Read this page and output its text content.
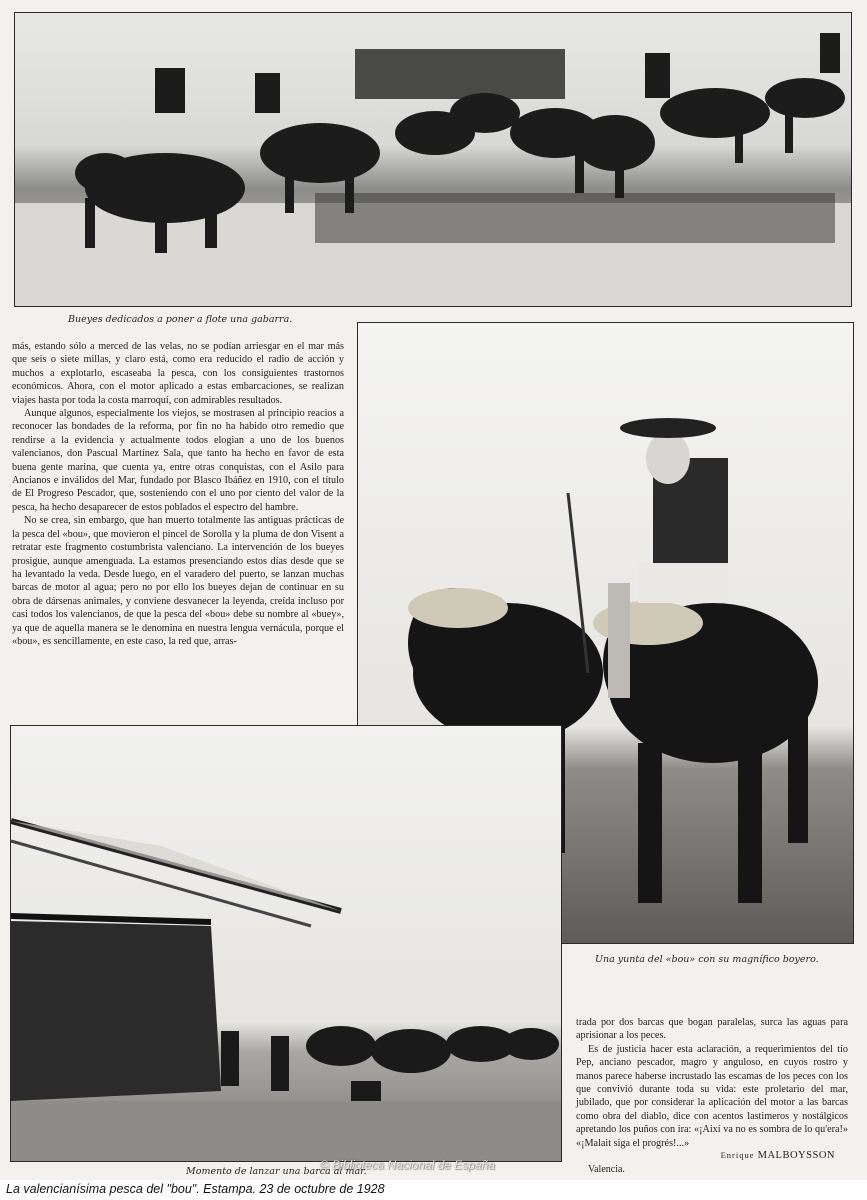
Bueyes dedicados a poner a flote una gabarra.

más, estando sólo a merced de las velas, no se podían arriesgar en el mar más que seis o siete millas, y claro está, como era reducido el radio de acción y muchos a explotarlo, escaseaba la pesca, con los consiguientes trastornos económicos. Ahora, con el motor aplicado a estas embarcaciones, se realizan viajes hasta por toda la costa marroquí, con admirables resultados.

Aunque algunos, especialmente los viejos, se mostrasen al principio reacios a reconocer las bondades de la reforma, por fin no ha habido otro remedio que rendirse a la evidencia y actualmente todos elogian a uno de los buenos valencianos, don Pascual Martínez Sala, que tanto ha hecho en favor de esta buena gente marina, que cuenta ya, entre otras conquistas, con el Asilo para Ancianos e inválidos del Mar, fundado por Blasco Ibáñez en 1910, con el título de El Progreso Pescador, que, sosteniendo con el uno por ciento del valor de la pesca, ha hecho desaparecer de estos poblados el espectro del hambre.

No se crea, sin embargo, que han muerto totalmente las antiguas prácticas de la pesca del «bou», que movieron el pincel de Sorolla y la pluma de don Visent a retratar este fragmento costumbrista valenciano. La intervención de los bueyes prosigue, aunque amenguada. La estamos presenciando estos días desde que se ha levantado la veda. Desde luego, en el varadero del puerto, se lanzan muchas barcas de motor al agua; pero no por ello los bueyes dejan de continuar en su obra de dársenas animales, y conviene desvanecer la leyenda, creída incluso por casi todos los valencianos, de que la pesca del «bou» debe su nombre al «buey», ya que de aquella manera se le denomina en nuestra lengua vernácula, porque el «bou», es sencillamente, en este caso, la red que, arras-

Una yunta del «bou» con su magnífico boyero.
Momento de lanzar una barca al mar.

trada por dos barcas que bogan paralelas, surca las aguas para aprisionar a los peces.

Es de justicia hacer esta aclaración, a requerimientos del tío Pep, anciano pescador, magro y anguloso, en cuyos rostro y manos parece haberse incrustado las escamas de los peces con los que convivió durante toda su vida: este proletario del mar, jubilado, que por considerar la aplicación del motor a las barcas como obra del diablo, dice con acentos lastimeros y nostálgicos apretando los puños con ira: «¡Així va no es sombra de lo qu'era!» «¡Malait siga el progrés!...»

Enrique MALBOYSSON
Valencia.
© Biblioteca Nacional de España
La valencianísima pesca del "bou". Estampa. 23 de octubre de 1928
